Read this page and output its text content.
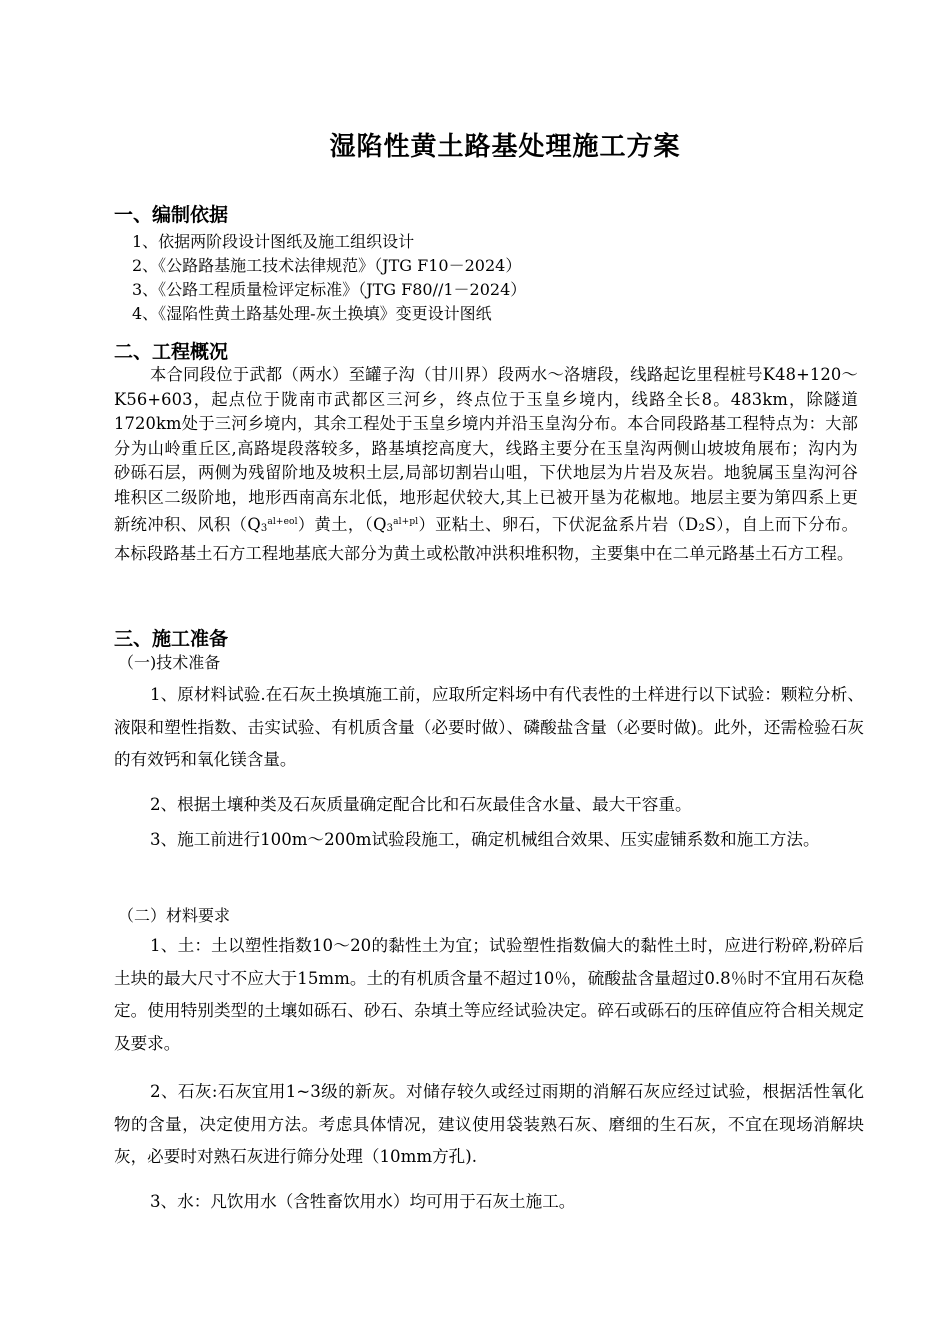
湿陷性黄土路基处理施工方案
一、编制依据
1、依据两阶段设计图纸及施工组织设计
2、《公路路基施工技术法律规范》（JTG F10－2024）
3、《公路工程质量检评定标准》（JTG F80//1－2024）
4、《湿陷性黄土路基处理-灰土换填》变更设计图纸
二、工程概况
本合同段位于武都（两水）至罐子沟（甘川界）段两水～洛塘段，线路起讫里程桩号K48+120～K56+603，起点位于陇南市武都区三河乡，终点位于玉皇乡境内，线路全长8。483km，除隧道1720km处于三河乡境内，其余工程处于玉皇乡境内并沿玉皇沟分布。本合同段路基工程特点为：大部分为山岭重丘区,高路堤段落较多，路基填挖高度大，线路主要分在玉皇沟两侧山坡坡角展布；沟内为砂砾石层，两侧为残留阶地及坡积土层,局部切割岩山咀，下伏地层为片岩及灰岩。地貌属玉皇沟河谷堆积区二级阶地，地形西南高东北低，地形起伏较大,其上已被开垦为花椒地。地层主要为第四系上更新统冲积、风积$(Q3^{al+eol})$黄土，$(Q3^{al+pl})$亚粘土、卵石，下伏泥盆系片岩（D2S），自上而下分布。本标段路基土石方工程地基底大部分为黄土或松散冲洪积堆积物，主要集中在二单元路基土石方工程。
三、施工准备
（一)技术准备
1、原材料试验.在石灰土换填施工前，应取所定料场中有代表性的土样进行以下试验：颗粒分析、液限和塑性指数、击实试验、有机质含量（必要时做）、磷酸盐含量（必要时做)。此外，还需检验石灰的有效钙和氧化镁含量。
2、根据土壤种类及石灰质量确定配合比和石灰最佳含水量、最大干容重。
3、施工前进行100m～200m试验段施工，确定机械组合效果、压实虚铺系数和施工方法。
（二）材料要求
1、土：土以塑性指数10～20的黏性土为宜；试验塑性指数偏大的黏性土时，应进行粉碎,粉碎后土块的最大尺寸不应大于15mm。土的有机质含量不超过10％，硫酸盐含量超过0.8％时不宜用石灰稳定。使用特别类型的土壤如砾石、砂石、杂填土等应经试验决定。碎石或砾石的压碎值应符合相关规定及要求。
2、石灰:石灰宜用1~3级的新灰。对储存较久或经过雨期的消解石灰应经过试验，根据活性氧化物的含量，决定使用方法。考虑具体情况，建议使用袋装熟石灰、磨细的生石灰，不宜在现场消解块灰，必要时对熟石灰进行筛分处理（10mm方孔).
3、水：凡饮用水（含牲畜饮用水）均可用于石灰土施工。
